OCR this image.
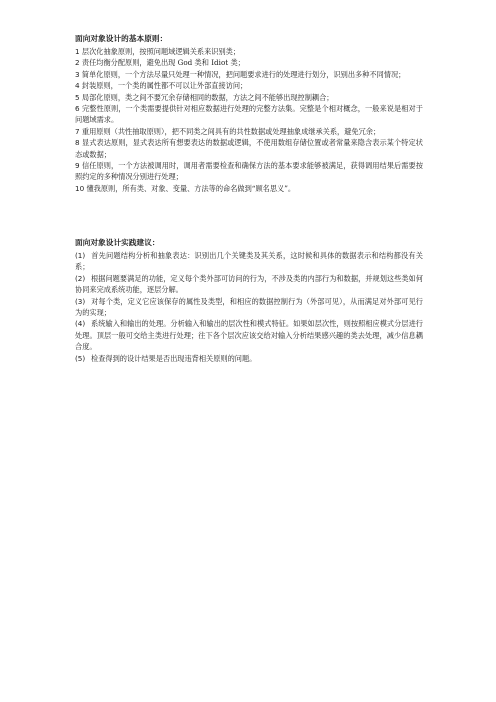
面向对象设计的基本原则：
1 层次化抽象原则，按照问题域逻辑关系来识别类；
2 责任均衡分配原则，避免出现 God 类和 Idiot 类；
3 简单化原则，一个方法尽量只处理一种情况，把问题要求进行的处理进行划分，识别出多种不同情况；
4 封装原则，一个类的属性都不可以让外部直接访问；
5 局部化原则，类之间不要冗余存储相同的数据，方法之间不能够出现控制耦合；
6 完整性原则，一个类需要提供针对相应数据进行处理的完整方法集。完整是个相对概念，一般来说是相对于问题域需求。
7 重用原则（共性抽取原则），把不同类之间具有的共性数据或处理抽象成继承关系，避免冗余；
8 显式表达原则，显式表达所有想要表达的数据或逻辑，不使用数组存储位置或者常量来隐含表示某个特定状态或数据；
9 信任原则，一个方法被调用时，调用者需要检查和确保方法的基本要求能够被满足，获得调用结果后需要按照约定的多种情况分别进行处理；
10 懂我原则，所有类、对象、变量、方法等的命名做到“顾名思义”。
面向对象设计实践建议：
(1) 首先问题结构分析和抽象表达：识别出几个关键类及其关系，这时候和具体的数据表示和结构都没有关系；
(2) 根据问题要满足的功能，定义每个类外部可访问的行为，不涉及类的内部行为和数据，并规划这些类如何协同来完成系统功能，逐层分解。
(3) 对每个类，定义它应该保存的属性及类型，和相应的数据控制行为（外部可见），从而满足对外部可见行为的实现；
(4) 系统输入和输出的处理。分析输入和输出的层次性和模式特征。如果如层次性，则按照相应模式分层进行处理。顶层一般可交给主类进行处理；往下各个层次应该交给对输入分析结果感兴趣的类去处理，减少信息耦合度。
(5) 检查得到的设计结果是否出现违背相关原则的问题。
